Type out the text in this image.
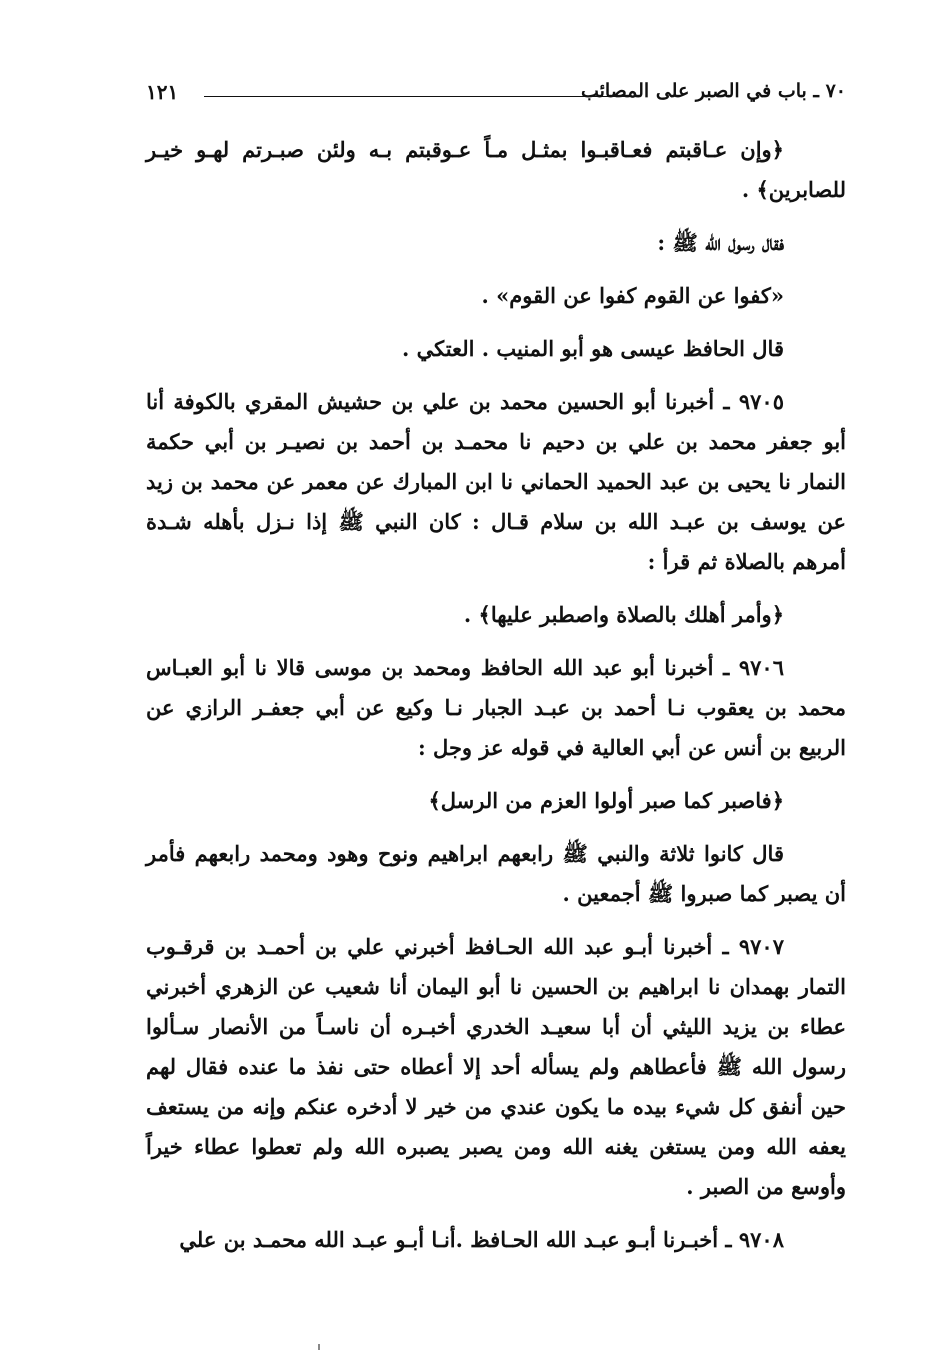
٧٠ ـ باب في الصبر على المصائب
١٢١

﴿وإن عـاقبتم فعـاقبـوا بمثـل مـاً عـوقبتم بـه ولئن صبـرتم لهـو خيـر للصابرين﴾ .

فقال رسول الله ﷺ :

«كفوا عن القوم كفوا عن القوم» .

قال الحافظ عيسى هو أبو المنيب . العتكي .

٩٧٠٥ ـ أخبرنا أبو الحسين محمد بن علي بن حشيش المقري بالكوفة أنا أبو جعفر محمد بن علي بن دحيم نا محمـد بن أحمد بن نصيـر بن أبي حكمة النمار نا يحيى بن عبد الحميد الحماني نا ابن المبارك عن معمر عن محمد بن زيد عن يوسف بن عبـد الله بن سلام قـال : كان النبي ﷺ إذا نـزل بأهله شـدة أمرهم بالصلاة ثم قرأ :

﴿وأمر أهلك بالصلاة واصطبر عليها﴾ .

٩٧٠٦ ـ أخبرنا أبو عبد الله الحافظ ومحمد بن موسى قالا نا أبو العبـاس محمد بن يعقوب نـا أحمد بن عبـد الجبار نـا وكيع عن أبي جعفـر الرازي عن الربيع بن أنس عن أبي العالية في قوله عز وجل :

﴿فاصبر كما صبر أولوا العزم من الرسل﴾

قال كانوا ثلاثة والنبي ﷺ رابعهم ابراهيم ونوح وهود ومحمد رابعهم فأمر أن يصبر كما صبروا ﷺ أجمعين .

٩٧٠٧ ـ أخبرنا أبـو عبد الله الحـافظ أخبرني علي بن أحمـد بن قرقـوب التمار بهمدان نا ابراهيم بن الحسين نا أبو اليمان أنا شعيب عن الزهري أخبرني عطاء بن يزيد الليثي أن أبا سعيـد الخدري أخبـره أن ناسـاً من الأنصار سـألوا رسول الله ﷺ فأعطاهم ولم يسأله أحد إلا أعطاه حتى نفذ ما عنده فقال لهم حين أنفق كل شيء بيده ما يكون عندي من خير لا أدخره عنكم وإنه من يستعف يعفه الله ومن يستغن يغنه الله ومن يصبر يصبره الله ولم تعطوا عطاء خيراً وأوسع من الصبر .

٩٧٠٨ ـ أخبـرنا أبـو عبـد الله الحـافظ .أنـا أبـو عبـد الله محمـد بن علي
